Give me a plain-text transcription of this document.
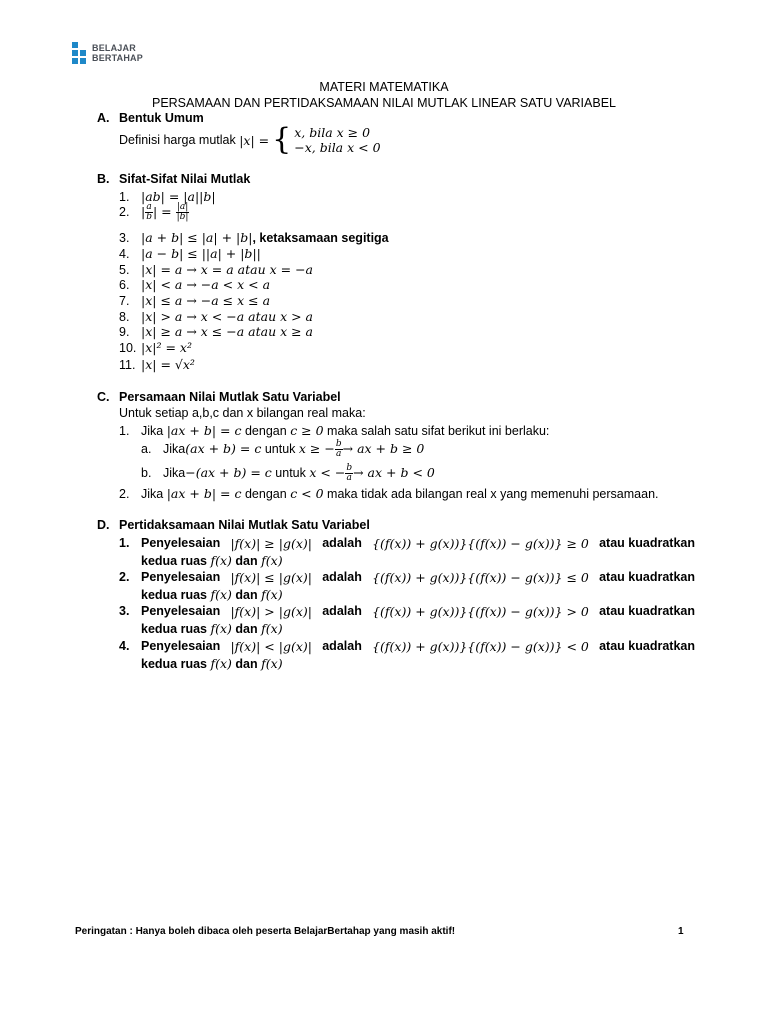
BELAJAR
BERTAHAP
MATERI MATEMATIKA
PERSAMAAN DAN PERTIDAKSAMAAN NILAI MUTLAK LINEAR SATU VARIABEL
A. Bentuk Umum
Definisi harga mutlak
|x| = { x, bila x ≥ 0
−x, bila x < 0
B. Sifat-Sifat Nilai Mutlak
1. |ab| = |a||b|
2. | $\frac{a}{b}$ | = $\frac{|a|}{|b|}$
3. |a + b| ≤ |a| + |b|, ketaksamaan segitiga
4. |a − b| ≤ ||a| + |b||
5. |x| = a → x = a atau x = −a
6. |x| < a → −a < x < a
7. |x| ≤ a → −a ≤ x ≤ a
8. |x| > a → x < −a atau x > a
9. |x| ≥ a → x ≤ −a atau x ≥ a
10. |x|² = x²
11. |x| = √x²
C. Persamaan Nilai Mutlak Satu Variabel
Untuk setiap a,b,c dan x bilangan real maka:
1. Jika |ax + b| = c dengan c ≥ 0 maka salah satu sifat berikut ini berlaku:
a. Jika(ax + b) = c untuk x ≥ − $\frac{b}{a}$ → ax + b ≥ 0
b. Jika−(ax + b) = c untuk x < − $\frac{b}{a}$ → ax + b < 0
2. Jika |ax + b| = c dengan c < 0 maka tidak ada bilangan real x yang memenuhi persamaan.
D. Pertidaksamaan Nilai Mutlak Satu Variabel
1. Penyelesaian |f(x)| ≥ |g(x)| adalah {(f(x)) + g(x))}{(f(x)) − g(x))} ≥ 0 atau kuadratkan
kedua ruas f(x) dan f(x)
2. Penyelesaian |f(x)| ≤ |g(x)| adalah {(f(x)) + g(x))}{(f(x)) − g(x))} ≤ 0 atau kuadratkan
kedua ruas f(x) dan f(x)
3. Penyelesaian |f(x)| > |g(x)| adalah {(f(x)) + g(x))}{(f(x)) − g(x))} > 0 atau kuadratkan
kedua ruas f(x) dan f(x)
4. Penyelesaian |f(x)| < |g(x)| adalah {(f(x)) + g(x))}{(f(x)) − g(x))} < 0 atau kuadratkan
kedua ruas f(x) dan f(x)
Peringatan : Hanya boleh dibaca oleh peserta BelajarBertahap yang masih aktif!	1
